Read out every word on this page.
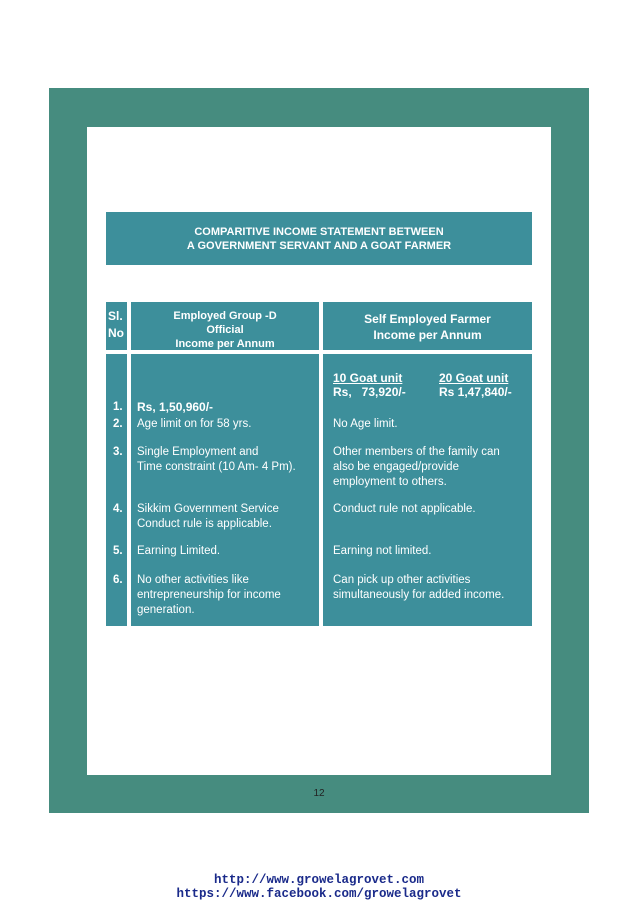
COMPARITIVE INCOME STATEMENT BETWEEN
A GOVERNMENT SERVANT AND A GOAT FARMER
Sl.
No
Employed Group -D
Official
Income per Annum
Self Employed Farmer
Income per Annum
1.
2.
3.
4.
5.
6.
Rs, 1,50,960/-
Age limit on for 58 yrs.
Single Employment and
Time constraint (10 Am- 4 Pm).
Sikkim Government Service
Conduct rule is applicable.
Earning Limited.
No other activities like
entrepreneurship for income
generation.
10 Goat unit	20 Goat unit
Rs,   73,920/-	Rs 1,47,840/-
No Age limit.
Other members of the family can
also be engaged/provide
employment to others.
Conduct rule not applicable.
Earning not limited.
Can pick up other activities
simultaneously for added income.
12
http://www.growelagrovet.com
https://www.facebook.com/growelagrovet
